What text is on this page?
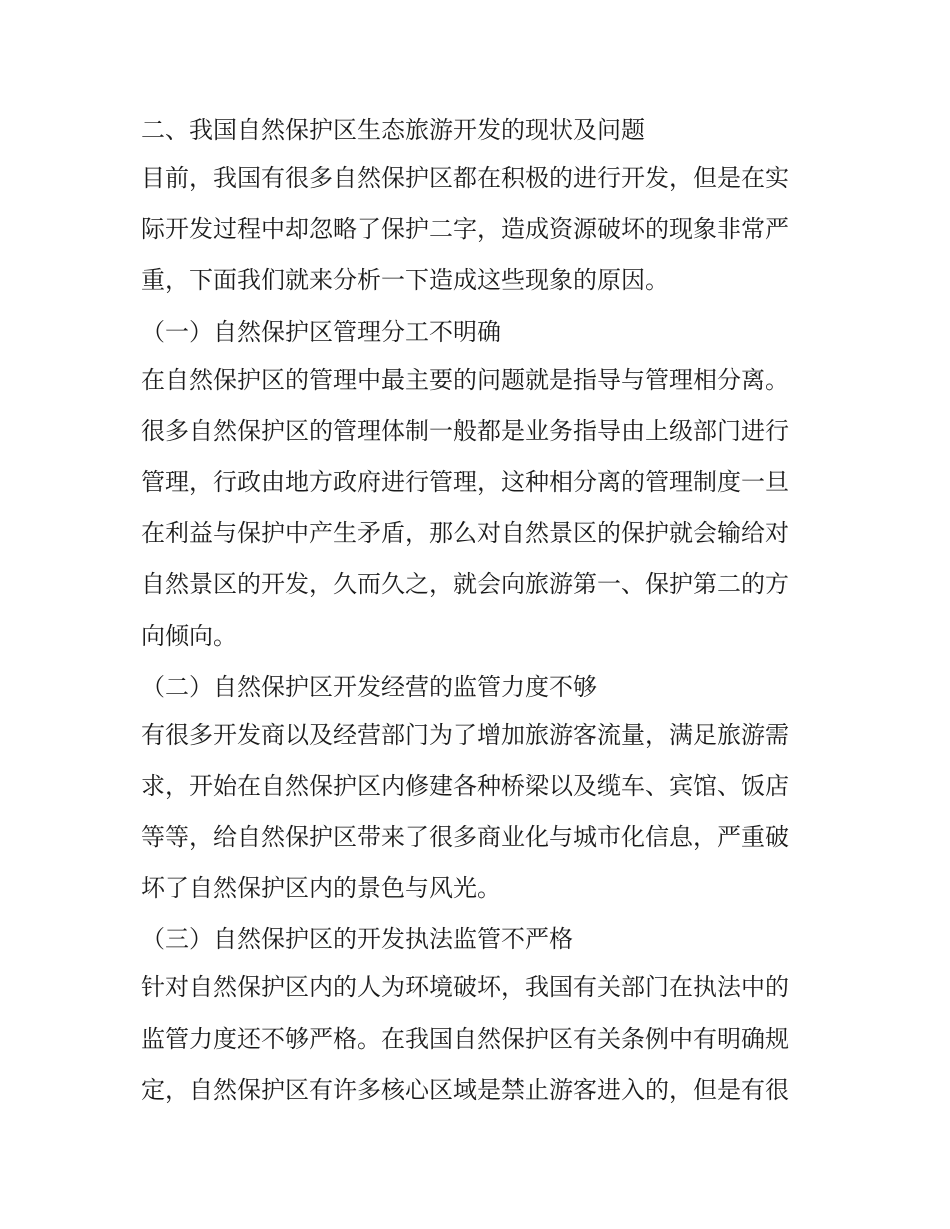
二、我国自然保护区生态旅游开发的现状及问题
目前，我国有很多自然保护区都在积极的进行开发，但是在实
际开发过程中却忽略了保护二字，造成资源破坏的现象非常严
重，下面我们就来分析一下造成这些现象的原因。
（一）自然保护区管理分工不明确
在自然保护区的管理中最主要的问题就是指导与管理相分离。
很多自然保护区的管理体制一般都是业务指导由上级部门进行
管理，行政由地方政府进行管理，这种相分离的管理制度一旦
在利益与保护中产生矛盾，那么对自然景区的保护就会输给对
自然景区的开发，久而久之，就会向旅游第一、保护第二的方
向倾向。
（二）自然保护区开发经营的监管力度不够
有很多开发商以及经营部门为了增加旅游客流量，满足旅游需
求，开始在自然保护区内修建各种桥梁以及缆车、宾馆、饭店
等等，给自然保护区带来了很多商业化与城市化信息，严重破
坏了自然保护区内的景色与风光。
（三）自然保护区的开发执法监管不严格
针对自然保护区内的人为环境破坏，我国有关部门在执法中的
监管力度还不够严格。在我国自然保护区有关条例中有明确规
定，自然保护区有许多核心区域是禁止游客进入的，但是有很
